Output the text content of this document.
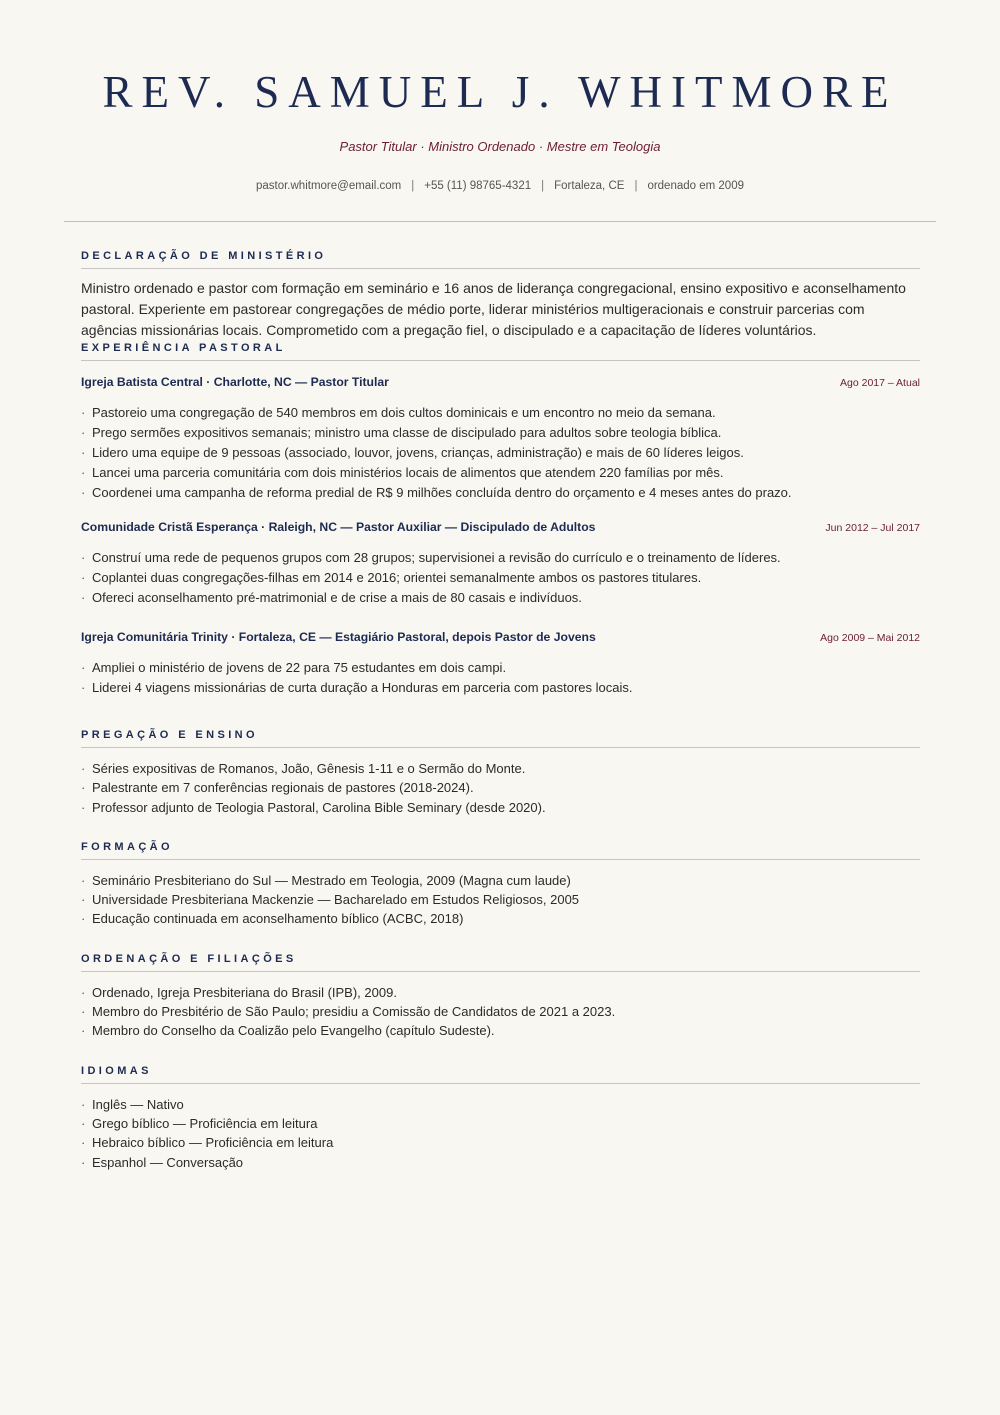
REV. SAMUEL J. WHITMORE
Pastor Titular · Ministro Ordenado · Mestre em Teologia
pastor.whitmore@email.com | +55 (11) 98765-4321 | Fortaleza, CE | ordenado em 2009
DECLARAÇÃO DE MINISTÉRIO

Ministro ordenado e pastor com formação em seminário e 16 anos de liderança congregacional, ensino expositivo e aconselhamento pastoral. Experiente em pastorear congregações de médio porte, liderar ministérios multigeracionais e construir parcerias com agências missionárias locais. Comprometido com a pregação fiel, o discipulado e a capacitação de líderes voluntários.

EXPERIÊNCIA PASTORAL
Igreja Batista Central · Charlotte, NC — Pastor Titular	Ago 2017 – Atual
· Pastoreio uma congregação de 540 membros em dois cultos dominicais e um encontro no meio da semana.
· Prego sermões expositivos semanais; ministro uma classe de discipulado para adultos sobre teologia bíblica.
· Lidero uma equipe de 9 pessoas (associado, louvor, jovens, crianças, administração) e mais de 60 líderes leigos.
· Lancei uma parceria comunitária com dois ministérios locais de alimentos que atendem 220 famílias por mês.
· Coordenei uma campanha de reforma predial de R$ 9 milhões concluída dentro do orçamento e 4 meses antes do prazo.
Comunidade Cristã Esperança · Raleigh, NC — Pastor Auxiliar — Discipulado de Adultos	Jun 2012 – Jul 2017
· Construí uma rede de pequenos grupos com 28 grupos; supervisionei a revisão do currículo e o treinamento de líderes.
· Coplantei duas congregações-filhas em 2014 e 2016; orientei semanalmente ambos os pastores titulares.
· Ofereci aconselhamento pré-matrimonial e de crise a mais de 80 casais e indivíduos.
Igreja Comunitária Trinity · Fortaleza, CE — Estagiário Pastoral, depois Pastor de Jovens	Ago 2009 – Mai 2012
· Ampliei o ministério de jovens de 22 para 75 estudantes em dois campi.
· Liderei 4 viagens missionárias de curta duração a Honduras em parceria com pastores locais.
PREGAÇÃO E ENSINO
· Séries expositivas de Romanos, João, Gênesis 1-11 e o Sermão do Monte.
· Palestrante em 7 conferências regionais de pastores (2018-2024).
· Professor adjunto de Teologia Pastoral, Carolina Bible Seminary (desde 2020).
FORMAÇÃO
· Seminário Presbiteriano do Sul — Mestrado em Teologia, 2009 (Magna cum laude)
· Universidade Presbiteriana Mackenzie — Bacharelado em Estudos Religiosos, 2005
· Educação continuada em aconselhamento bíblico (ACBC, 2018)
ORDENAÇÃO E FILIAÇÕES
· Ordenado, Igreja Presbiteriana do Brasil (IPB), 2009.
· Membro do Presbitério de São Paulo; presidiu a Comissão de Candidatos de 2021 a 2023.
· Membro do Conselho da Coalizão pelo Evangelho (capítulo Sudeste).
IDIOMAS
· Inglês — Nativo
· Grego bíblico — Proficiência em leitura
· Hebraico bíblico — Proficiência em leitura
· Espanhol — Conversação
